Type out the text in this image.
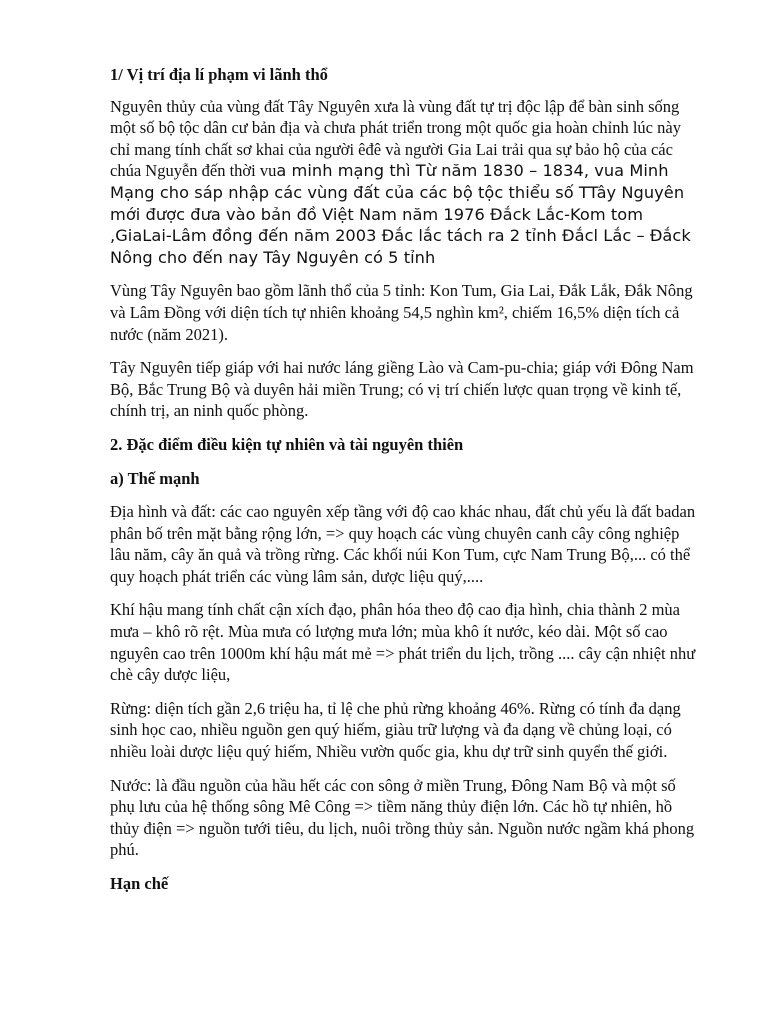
1/ Vị trí địa lí phạm vi lãnh thổ

Nguyên thủy của vùng đất Tây Nguyên xưa là vùng đất tự trị độc lập để bàn sinh sống một số bộ tộc dân cư bản địa và chưa phát triển trong một quốc gia hoàn chỉnh lúc này chỉ mang tính chất sơ khai của người êđê và người Gia Lai trải qua sự bảo hộ của các chúa Nguyễn đến thời vua minh mạng thì Từ năm 1830 – 1834, vua Minh Mạng cho sáp nhập các vùng đất của các bộ tộc thiểu số TTây Nguyên mới được đưa vào bản đồ Việt Nam năm 1976 Đắck Lắc-Kom tom ,GiaLai-Lâm đồng đến năm 2003 Đắc lắc tách ra 2 tỉnh Đắcl Lắc – Đắck Nông cho đến nay Tây Nguyên có 5 tỉnh

Vùng Tây Nguyên bao gồm lãnh thổ của 5 tỉnh: Kon Tum, Gia Lai, Đắk Lắk, Đắk Nông và Lâm Đồng với diện tích tự nhiên khoảng 54,5 nghìn km², chiếm 16,5% diện tích cả nước (năm 2021).

Tây Nguyên tiếp giáp với hai nước láng giềng Lào và Cam-pu-chia; giáp với Đông Nam Bộ, Bắc Trung Bộ và duyên hải miền Trung; có vị trí chiến lược quan trọng về kinh tế, chính trị, an ninh quốc phòng.

2. Đặc điểm điều kiện tự nhiên và tài nguyên thiên

a) Thế mạnh

Địa hình và đất: các cao nguyên xếp tầng với độ cao khác nhau, đất chủ yếu là đất badan phân bố trên mặt bằng rộng lớn, => quy hoạch các vùng chuyên canh cây công nghiệp lâu năm, cây ăn quả và trồng rừng. Các khối núi Kon Tum, cực Nam Trung Bộ,... có thể quy hoạch phát triển các vùng lâm sản, dược liệu quý,....

Khí hậu mang tính chất cận xích đạo, phân hóa theo độ cao địa hình, chia thành 2 mùa mưa – khô rõ rệt. Mùa mưa có lượng mưa lớn; mùa khô ít nước, kéo dài. Một số cao nguyên cao trên 1000m khí hậu mát mẻ => phát triển du lịch, trồng .... cây cận nhiệt như chè cây dược liệu,

Rừng: diện tích gần 2,6 triệu ha, tỉ lệ che phủ rừng khoảng 46%. Rừng có tính đa dạng sinh học cao, nhiều nguồn gen quý hiếm, giàu trữ lượng và đa dạng về chủng loại, có nhiều loài dược liệu quý hiếm, Nhiều vườn quốc gia, khu dự trữ sinh quyển thế giới.

Nước: là đầu nguồn của hầu hết các con sông ở miền Trung, Đông Nam Bộ và một số phụ lưu của hệ thống sông Mê Công => tiềm năng thủy điện lớn. Các hồ tự nhiên, hồ thủy điện => nguồn tưới tiêu, du lịch, nuôi trồng thủy sản. Nguồn nước ngầm khá phong phú.

Hạn chế
